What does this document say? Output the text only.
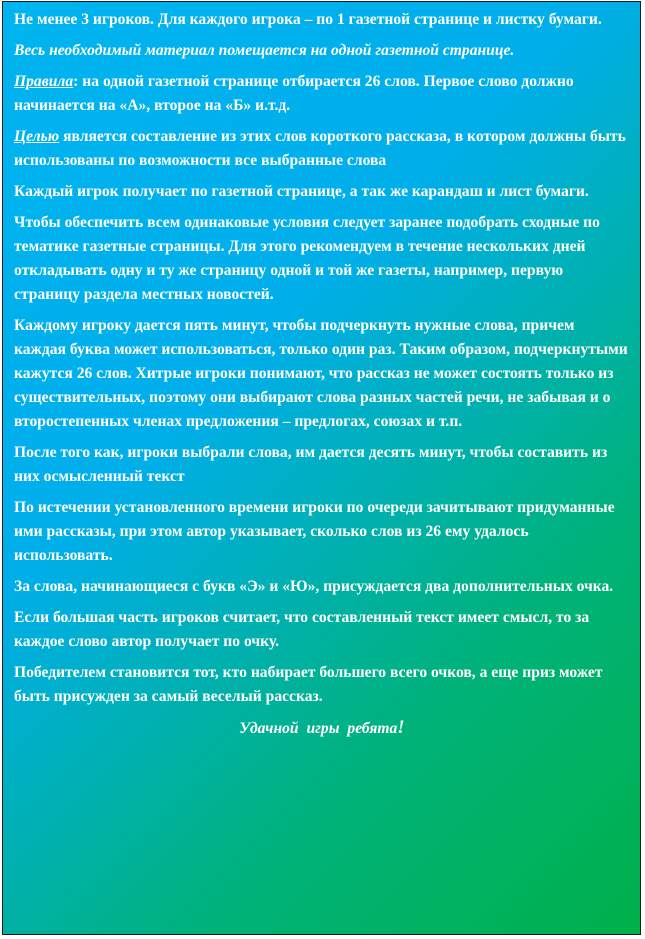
Не менее 3 игроков. Для каждого игрока – по 1 газетной странице и листку бумаги.

Весь необходимый материал помещается на одной газетной странице.

Правила: на одной газетной странице отбирается 26 слов. Первое слово должно начинается на «А», второе на «Б» и.т.д.

Целью является составление из этих слов короткого рассказа, в котором должны быть использованы по возможности все выбранные слова

Каждый игрок получает по газетной странице, а так же карандаш и лист бумаги.

Чтобы обеспечить всем одинаковые условия следует заранее подобрать сходные по тематике газетные страницы. Для этого рекомендуем в течение нескольких дней откладывать одну и ту же страницу одной и той же газеты, например, первую страницу раздела местных новостей.

Каждому игроку дается пять минут, чтобы подчеркнуть нужные слова, причем каждая буква может использоваться, только один раз. Таким образом, подчеркнутыми кажутся 26 слов. Хитрые игроки понимают, что рассказ не может состоять только из существительных, поэтому они выбирают слова разных частей речи, не забывая и о второстепенных членах предложения – предлогах, союзах и т.п.

После того как, игроки выбрали слова, им дается десять минут, чтобы составить из них осмысленный текст

По истечении установленного времени игроки по очереди зачитывают придуманные ими рассказы, при этом автор указывает, сколько слов из 26 ему удалось использовать.

За слова, начинающиеся с букв «Э» и «Ю», присуждается два дополнительных очка.

Если большая часть игроков считает, что составленный текст имеет смысл, то за каждое слово автор получает по очку.

Победителем становится тот, кто набирает большего всего очков, а еще приз может быть присужден за самый веселый рассказ.

Удачной игры ребята!
